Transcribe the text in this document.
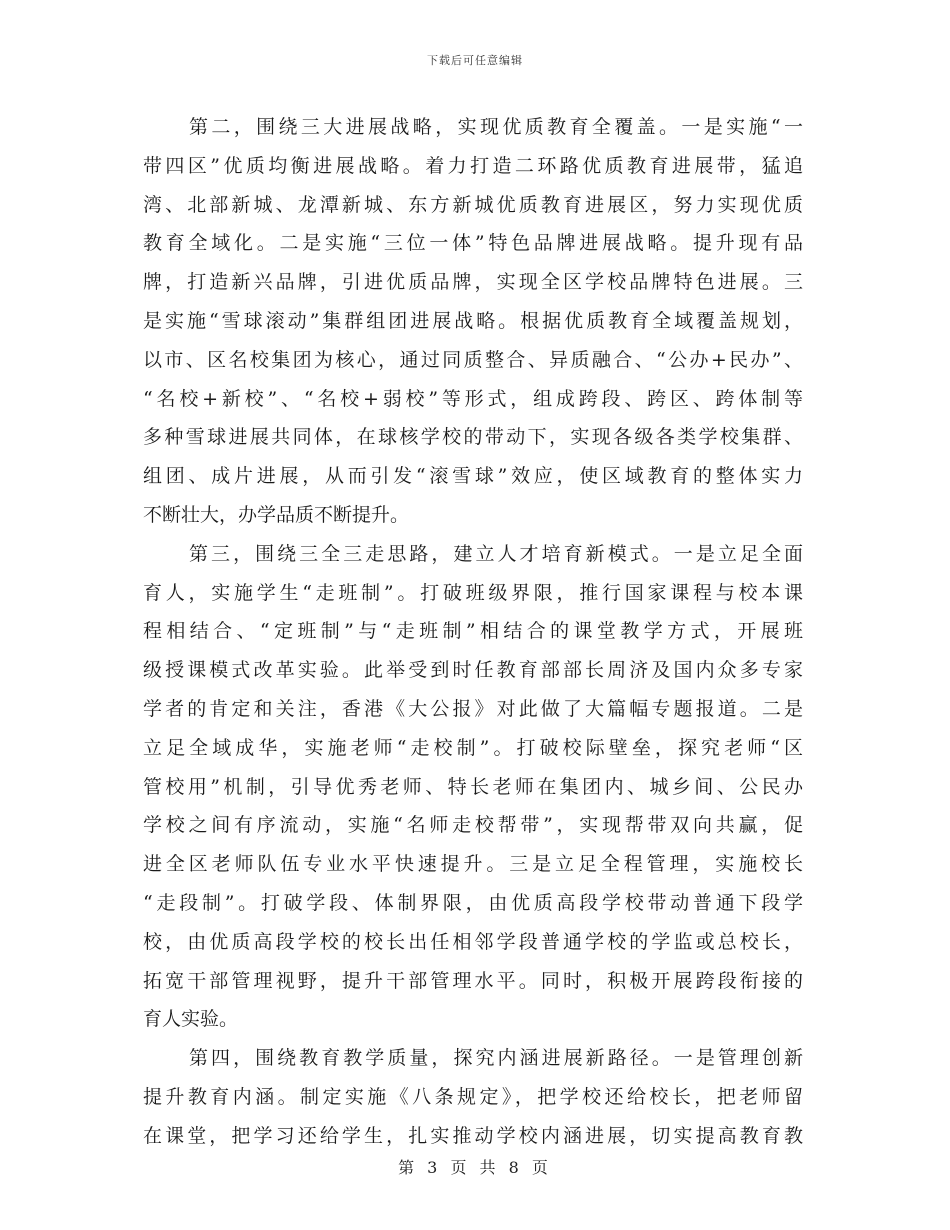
下载后可任意编辑
第二，围绕三大进展战略，实现优质教育全覆盖。一是实施“一
带四区”优质均衡进展战略。着力打造二环路优质教育进展带，猛追
湾、北部新城、龙潭新城、东方新城优质教育进展区，努力实现优质
教育全域化。二是实施“三位一体”特色品牌进展战略。提升现有品
牌，打造新兴品牌，引进优质品牌，实现全区学校品牌特色进展。三
是实施“雪球滚动”集群组团进展战略。根据优质教育全域覆盖规划，
以市、区名校集团为核心，通过同质整合、异质融合、“公办+民办”、
“名校+新校”、“名校+弱校”等形式，组成跨段、跨区、跨体制等
多种雪球进展共同体，在球核学校的带动下，实现各级各类学校集群、
组团、成片进展，从而引发“滚雪球”效应，使区域教育的整体实力
不断壮大，办学品质不断提升。
第三，围绕三全三走思路，建立人才培育新模式。一是立足全面
育人，实施学生“走班制”。打破班级界限，推行国家课程与校本课
程相结合、“定班制”与“走班制”相结合的课堂教学方式，开展班
级授课模式改革实验。此举受到时任教育部部长周济及国内众多专家
学者的肯定和关注，香港《大公报》对此做了大篇幅专题报道。二是
立足全域成华，实施老师“走校制”。打破校际壁垒，探究老师“区
管校用”机制，引导优秀老师、特长老师在集团内、城乡间、公民办
学校之间有序流动，实施“名师走校帮带”，实现帮带双向共赢，促
进全区老师队伍专业水平快速提升。三是立足全程管理，实施校长
“走段制”。打破学段、体制界限，由优质高段学校带动普通下段学
校，由优质高段学校的校长出任相邻学段普通学校的学监或总校长，
拓宽干部管理视野，提升干部管理水平。同时，积极开展跨段衔接的
育人实验。
第四，围绕教育教学质量，探究内涵进展新路径。一是管理创新
提升教育内涵。制定实施《八条规定》，把学校还给校长，把老师留
在课堂，把学习还给学生，扎实推动学校内涵进展，切实提高教育教
第 3 页 共 8 页
